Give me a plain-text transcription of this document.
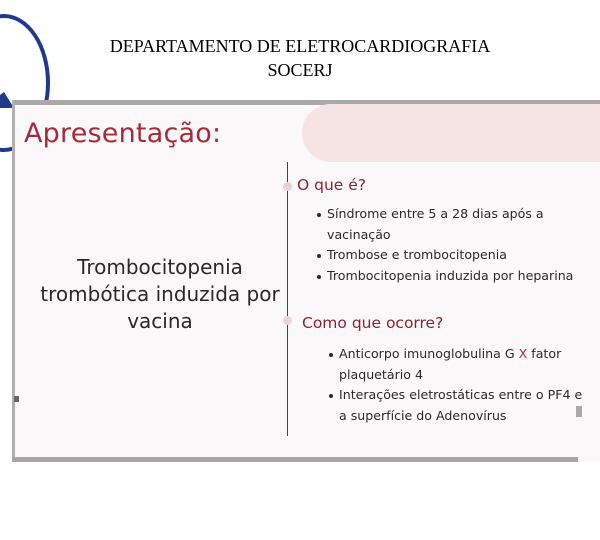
DEPARTAMENTO DE ELETROCARDIOGRAFIA
SOCERJ
Apresentação:
Trombocitopenia trombótica induzida por vacina
O que é?
Síndrome entre 5 a 28 dias após a vacinação
Trombose e trombocitopenia
Trombocitopenia induzida por heparina
Como que ocorre?
Anticorpo imunoglobulina G X fator plaquetário 4
Interações eletrostáticas entre o PF4 e a superfície do Adenovírus
